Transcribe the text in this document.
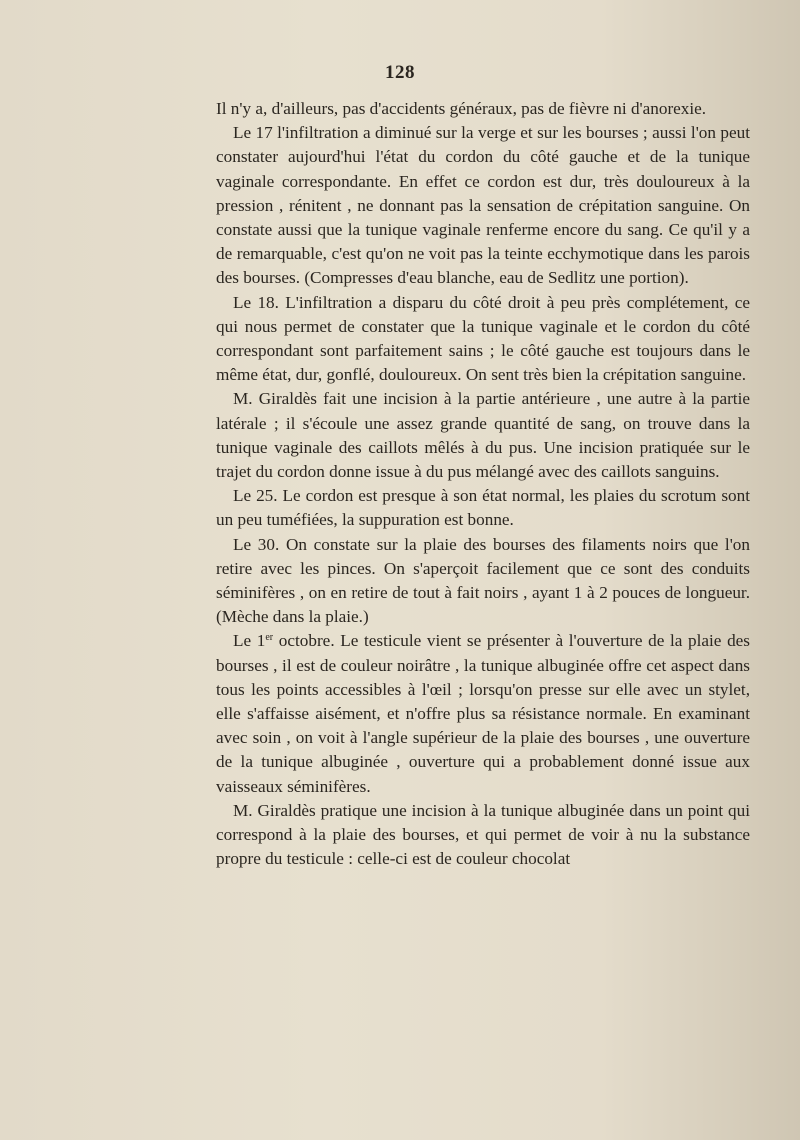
128

Il n'y a, d'ailleurs, pas d'accidents généraux, pas de fièvre ni d'anorexie.

Le 17 l'infiltration a diminué sur la verge et sur les bourses ; aussi l'on peut constater aujourd'hui l'état du cordon du côté gauche et de la tunique vaginale correspondante. En effet ce cordon est dur, très douloureux à la pression , rénitent , ne donnant pas la sensation de crépitation sanguine. On constate aussi que la tunique vaginale renferme encore du sang. Ce qu'il y a de remarquable, c'est qu'on ne voit pas la teinte ecchymotique dans les parois des bourses. (Compresses d'eau blanche, eau de Sedlitz une portion).

Le 18. L'infiltration a disparu du côté droit à peu près complétement, ce qui nous permet de constater que la tunique vaginale et le cordon du côté correspondant sont parfaitement sains ; le côté gauche est toujours dans le même état, dur, gonflé, douloureux. On sent très bien la crépitation sanguine.

M. Giraldès fait une incision à la partie antérieure , une autre à la partie latérale ; il s'écoule une assez grande quantité de sang, on trouve dans la tunique vaginale des caillots mêlés à du pus. Une incision pratiquée sur le trajet du cordon donne issue à du pus mélangé avec des caillots sanguins.

Le 25. Le cordon est presque à son état normal, les plaies du scrotum sont un peu tuméfiées, la suppuration est bonne.

Le 30. On constate sur la plaie des bourses des filaments noirs que l'on retire avec les pinces. On s'aperçoit facilement que ce sont des conduits séminifères , on en retire de tout à fait noirs , ayant 1 à 2 pouces de longueur. (Mèche dans la plaie.)

Le 1er octobre. Le testicule vient se présenter à l'ouverture de la plaie des bourses , il est de couleur noirâtre , la tunique albuginée offre cet aspect dans tous les points accessibles à l'œil ; lorsqu'on presse sur elle avec un stylet, elle s'affaisse aisément, et n'offre plus sa résistance normale. En examinant avec soin , on voit à l'angle supérieur de la plaie des bourses , une ouverture de la tunique albuginée , ouverture qui a probablement donné issue aux vaisseaux séminifères.

M. Giraldès pratique une incision à la tunique albuginée dans un point qui correspond à la plaie des bourses, et qui permet de voir à nu la substance propre du testicule : celle-ci est de couleur chocolat
